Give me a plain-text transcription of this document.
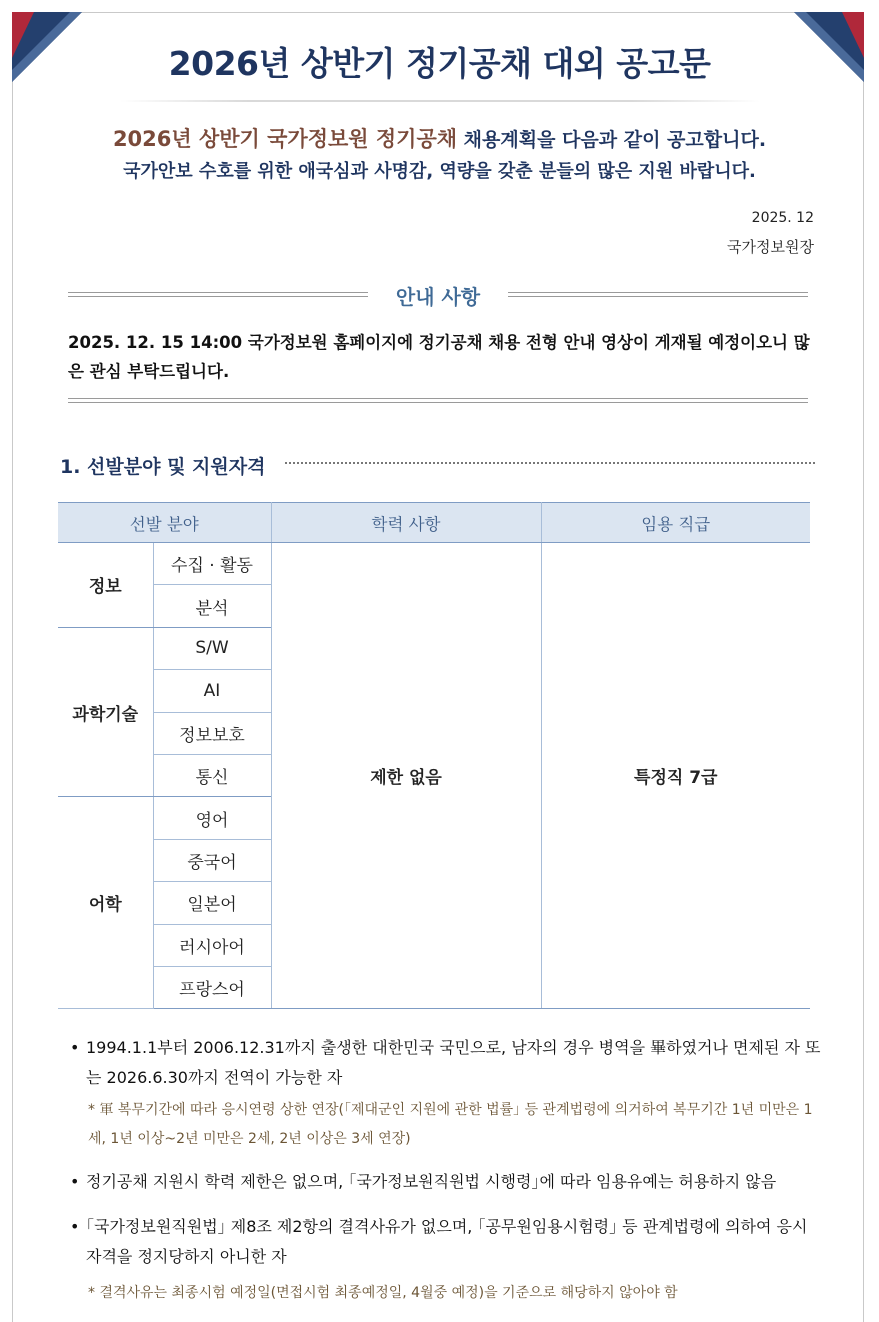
2026년 상반기 정기공채 대외 공고문
2026년 상반기 국가정보원 정기공채 채용계획을 다음과 같이 공고합니다.
국가안보 수호를 위한 애국심과 사명감, 역량을 갖춘 분들의 많은 지원 바랍니다.
2025. 12
국가정보원장
안내 사항
2025. 12. 15 14:00 국가정보원 홈페이지에 정기공채 채용 전형 안내 영상이 게재될 예정이오니 많은 관심 부탁드립니다.
1. 선발분야 및 지원자격
선발 분야		학력 사항	임용 직급
정보	수집 · 활동	제한 없음	특정직 7급
	분석		
과학기술	S/W		
	AI		
	정보보호		
	통신		
어학	영어		
	중국어		
	일본어		
	러시아어		
	프랑스어		
• 1994.1.1부터 2006.12.31까지 출생한 대한민국 국민으로, 남자의 경우 병역을 畢하였거나 면제된 자 또는 2026.6.30까지 전역이 가능한 자
* 軍 복무기간에 따라 응시연령 상한 연장(｢제대군인 지원에 관한 법률｣ 등 관계법령에 의거하여 복무기간 1년 미만은 1세, 1년 이상~2년 미만은 2세, 2년 이상은 3세 연장)
• 정기공채 지원시 학력 제한은 없으며, ｢국가정보원직원법 시행령｣에 따라 임용유예는 허용하지 않음
• ｢국가정보원직원법｣ 제8조 제2항의 결격사유가 없으며, ｢공무원임용시험령｣ 등 관계법령에 의하여 응시 자격을 정지당하지 아니한 자
* 결격사유는 최종시험 예정일(면접시험 최종예정일, 4월중 예정)을 기준으로 해당하지 않아야 함
